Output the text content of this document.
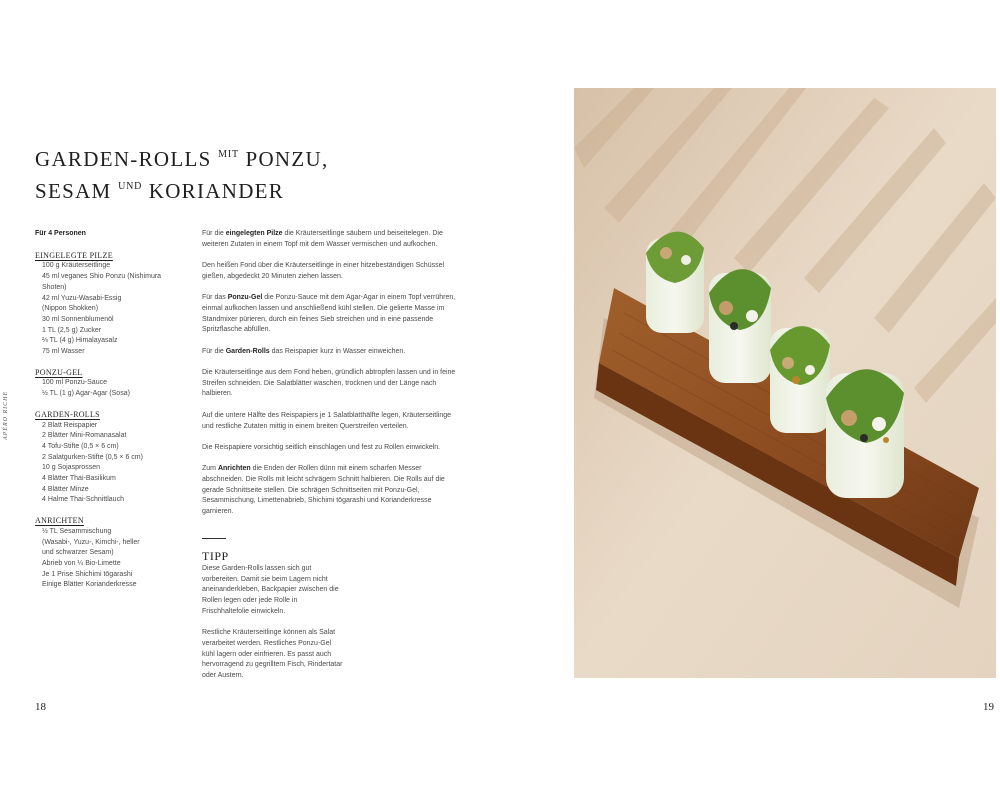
GARDEN-ROLLS $^{MIT}$ PONZU,
SESAM $^{UND}$ KORIANDER
Für 4 Personen
EINGELEGTE PILZE
100 g Kräuterseitlinge
45 ml veganes Shio Ponzu (Nishimura
Shoten)
42 ml Yuzu-Wasabi-Essig
(Nippon Shokken)
30 ml Sonnenblumenöl
1 TL (2,5 g) Zucker
⅔ TL (4 g) Himalayasalz
75 ml Wasser
PONZU-GEL
100 ml Ponzu-Sauce
½ TL (1 g) Agar-Agar (Sosa)
GARDEN-ROLLS
2 Blatt Reispapier
2 Blätter Mini-Romanasalat
4 Tofu-Stifte (0,5 × 6 cm)
2 Salatgurken-Stifte (0,5 × 6 cm)
10 g Sojasprossen
4 Blätter Thai-Basilikum
4 Blätter Minze
4 Halme Thai-Schnittlauch
ANRICHTEN
½ TL Sesammischung
(Wasabi-, Yuzu-, Kimchi-, heller
und schwarzer Sesam)
Abrieb von ¼ Bio-Limette
Je 1 Prise Shichimi tōgarashi
Einige Blätter Korianderkresse

Für die eingelegten Pilze die Kräuterseitlinge säubern und beiseitelegen. Die weiteren Zutaten in einem Topf mit dem Wasser vermischen und aufkochen.

Den heißen Fond über die Kräuterseitlinge in einer hitzebeständigen Schüssel gießen, abgedeckt 20 Minuten ziehen lassen.

Für das Ponzu-Gel die Ponzu-Sauce mit dem Agar-Agar in einem Topf verrühren, einmal aufkochen lassen und anschließend kühl stellen. Die gelierte Masse im Standmixer pürieren, durch ein feines Sieb streichen und in eine passende Spritzflasche abfüllen.

Für die Garden-Rolls das Reispapier kurz in Wasser einweichen.

Die Kräuterseitlinge aus dem Fond heben, gründlich abtropfen lassen und in feine Streifen schneiden. Die Salatblätter waschen, trocknen und der Länge nach halbieren.

Auf die untere Hälfte des Reispapiers je 1 Salatblatthälfte legen, Kräuterseitlinge und restliche Zutaten mittig in einem breiten Querstreifen verteilen.

Die Reispapiere vorsichtig seitlich einschlagen und fest zu Rollen einwickeln.

Zum Anrichten die Enden der Rollen dünn mit einem scharfen Messer abschneiden. Die Rolls mit leicht schrägem Schnitt halbieren. Die Rolls auf die gerade Schnittseite stellen. Die schrägen Schnittseiten mit Ponzu-Gel, Sesammischung, Limettenabrieb, Shichimi tōgarashi und Korianderkresse garnieren.

TIPP

Diese Garden-Rolls lassen sich gut vorbereiten. Damit sie beim Lagern nicht aneinanderkleben, Backpapier zwischen die Rollen legen oder jede Rolle in Frischhaltefolie einwickeln.

Restliche Kräuterseitlinge können als Salat verarbeitet werden. Restliches Ponzu-Gel kühl lagern oder einfrieren. Es passt auch hervorragend zu gegrilltem Fisch, Rindertatar oder Austern.

APÉRO RICHE
18	19
